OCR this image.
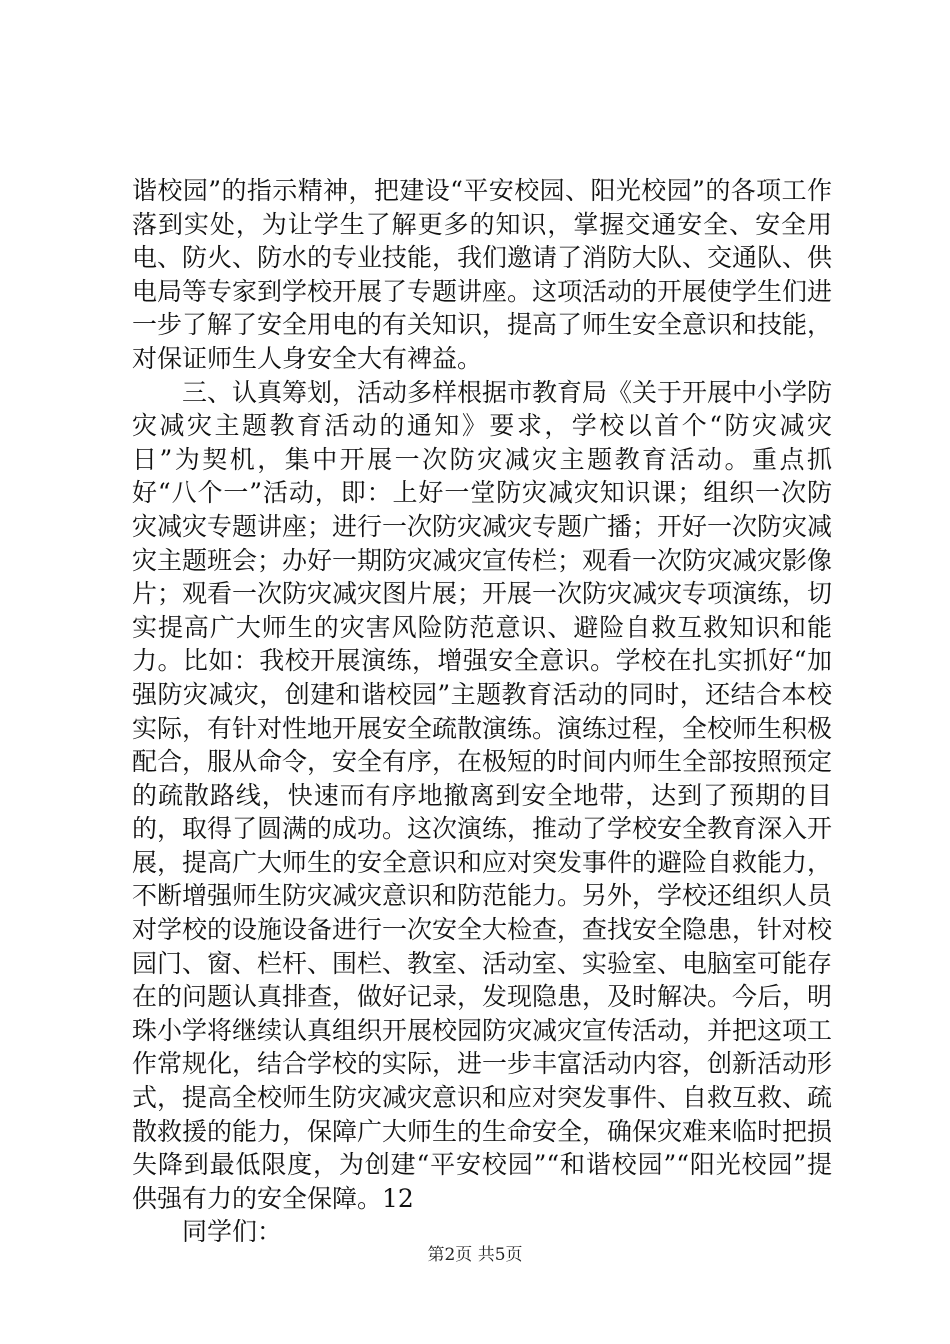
谐校园”的指示精神，把建设“平安校园、阳光校园”的各项工作落到实处，为让学生了解更多的知识，掌握交通安全、安全用电、防火、防水的专业技能，我们邀请了消防大队、交通队、供电局等专家到学校开展了专题讲座。这项活动的开展使学生们进一步了解了安全用电的有关知识，提高了师生安全意识和技能，对保证师生人身安全大有裨益。

三、认真筹划，活动多样根据市教育局《关于开展中小学防灾减灾主题教育活动的通知》要求，学校以首个“防灾减灾日”为契机，集中开展一次防灾减灾主题教育活动。重点抓好“八个一”活动，即：上好一堂防灾减灾知识课；组织一次防灾减灾专题讲座；进行一次防灾减灾专题广播；开好一次防灾减灾主题班会；办好一期防灾减灾宣传栏；观看一次防灾减灾影像片；观看一次防灾减灾图片展；开展一次防灾减灾专项演练，切实提高广大师生的灾害风险防范意识、避险自救互救知识和能力。比如：我校开展演练，增强安全意识。学校在扎实抓好“加强防灾减灾，创建和谐校园”主题教育活动的同时，还结合本校实际，有针对性地开展安全疏散演练。演练过程，全校师生积极配合，服从命令，安全有序，在极短的时间内师生全部按照预定的疏散路线，快速而有序地撤离到安全地带，达到了预期的目的，取得了圆满的成功。这次演练，推动了学校安全教育深入开展，提高广大师生的安全意识和应对突发事件的避险自救能力，不断增强师生防灾减灾意识和防范能力。另外，学校还组织人员对学校的设施设备进行一次安全大检查，查找安全隐患，针对校园门、窗、栏杆、围栏、教室、活动室、实验室、电脑室可能存在的问题认真排查，做好记录，发现隐患，及时解决。今后，明珠小学将继续认真组织开展校园防灾减灾宣传活动，并把这项工作常规化，结合学校的实际，进一步丰富活动内容，创新活动形式，提高全校师生防灾减灾意识和应对突发事件、自救互救、疏散救援的能力，保障广大师生的生命安全，确保灾难来临时把损失降到最低限度，为创建“平安校园”“和谐校园”“阳光校园”提供强有力的安全保障。12

同学们：

第2页 共5页
